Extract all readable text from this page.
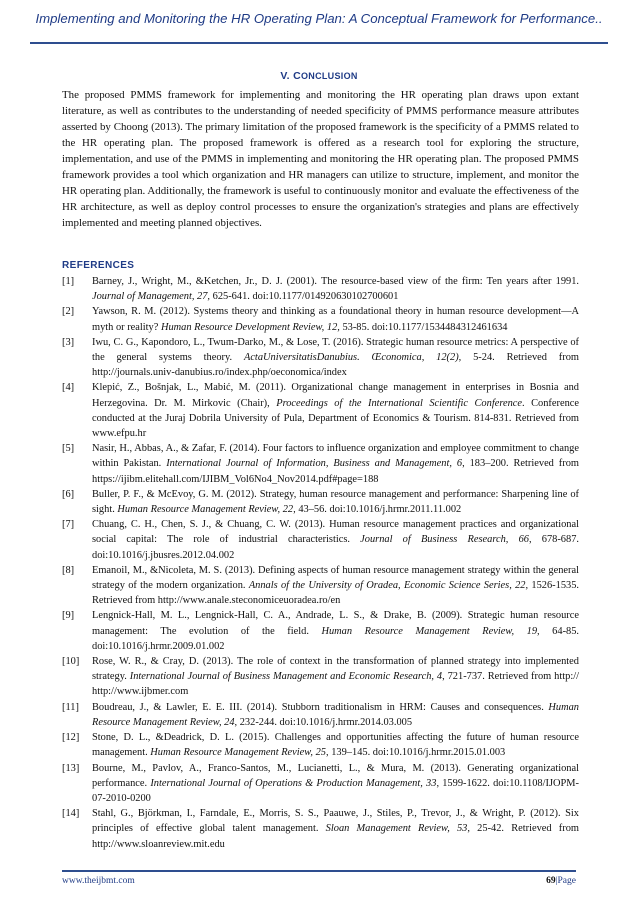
Implementing and Monitoring the HR Operating Plan: A Conceptual Framework for Performance..
V. CONCLUSION
The proposed PMMS framework for implementing and monitoring the HR operating plan draws upon extant literature, as well as contributes to the understanding of needed specificity of PMMS performance measure attributes asserted by Choong (2013). The primary limitation of the proposed framework is the specificity of a PMMS related to the HR operating plan. The proposed framework is offered as a research tool for exploring the structure, implementation, and use of the PMMS in implementing and monitoring the HR operating plan. The proposed PMMS framework provides a tool which organization and HR managers can utilize to structure, implement, and monitor the HR operating plan. Additionally, the framework is useful to continuously monitor and evaluate the effectiveness of the HR architecture, as well as deploy control processes to ensure the organization's strategies and plans are effectively implemented and meeting planned objectives.
REFERENCES
[1]	Barney, J., Wright, M., &Ketchen, Jr., D. J. (2001). The resource-based view of the firm: Ten years after 1991. Journal of Management, 27, 625-641. doi:10.1177/014920630102700601
[2]	Yawson, R. M. (2012). Systems theory and thinking as a foundational theory in human resource development—A myth or reality? Human Resource Development Review, 12, 53-85. doi:10.1177/1534484312461634
[3]	Iwu, C. G., Kapondoro, L., Twum-Darko, M., & Lose, T. (2016). Strategic human resource metrics: A perspective of the general systems theory. ActaUniversitatisDanubius. Œconomica, 12(2), 5-24. Retrieved from http://journals.univ-danubius.ro/index.php/oeconomica/index
[4]	Klepić, Z., Bošnjak, L., Mabić, M. (2011). Organizational change management in enterprises in Bosnia and Herzegovina. Dr. M. Mirkovic (Chair), Proceedings of the International Scientific Conference. Conference conducted at the Juraj Dobrila University of Pula, Department of Economics & Tourism. 814-831. Retrieved from www.efpu.hr
[5]	Nasir, H., Abbas, A., & Zafar, F. (2014). Four factors to influence organization and employee commitment to change within Pakistan. International Journal of Information, Business and Management, 6, 183–200. Retrieved from https://ijibm.elitehall.com/IJIBM_Vol6No4_Nov2014.pdf#page=188
[6]	Buller, P. F., & McEvoy, G. M. (2012). Strategy, human resource management and performance: Sharpening line of sight. Human Resource Management Review, 22, 43–56. doi:10.1016/j.hrmr.2011.11.002
[7]	Chuang, C. H., Chen, S. J., & Chuang, C. W. (2013). Human resource management practices and organizational social capital: The role of industrial characteristics. Journal of Business Research, 66, 678-687. doi:10.1016/j.jbusres.2012.04.002
[8]	Emanoil, M., &Nicoleta, M. S. (2013). Defining aspects of human resource management strategy within the general strategy of the modern organization. Annals of the University of Oradea, Economic Science Series, 22, 1526-1535. Retrieved from http://www.anale.steconomiceuoradea.ro/en
[9]	Lengnick-Hall, M. L., Lengnick-Hall, C. A., Andrade, L. S., & Drake, B. (2009). Strategic human resource management: The evolution of the field. Human Resource Management Review, 19, 64-85. doi:10.1016/j.hrmr.2009.01.002
[10]	Rose, W. R., & Cray, D. (2013). The role of context in the transformation of planned strategy into implemented strategy. International Journal of Business Management and Economic Research, 4, 721-737. Retrieved from http:// http://www.ijbmer.com
[11]	Boudreau, J., & Lawler, E. E. III. (2014). Stubborn traditionalism in HRM: Causes and consequences. Human Resource Management Review, 24, 232-244. doi:10.1016/j.hrmr.2014.03.005
[12]	Stone, D. L., &Deadrick, D. L. (2015). Challenges and opportunities affecting the future of human resource management. Human Resource Management Review, 25, 139–145. doi:10.1016/j.hrmr.2015.01.003
[13]	Bourne, M., Pavlov, A., Franco-Santos, M., Lucianetti, L., & Mura, M. (2013). Generating organizational performance. International Journal of Operations & Production Management, 33, 1599-1622. doi:10.1108/IJOPM-07-2010-0200
[14]	Stahl, G., Björkman, I., Farndale, E., Morris, S. S., Paauwe, J., Stiles, P., Trevor, J., & Wright, P. (2012). Six principles of effective global talent management. Sloan Management Review, 53, 25-42. Retrieved from http://www.sloanreview.mit.edu
www.theijbmt.com	69|Page
